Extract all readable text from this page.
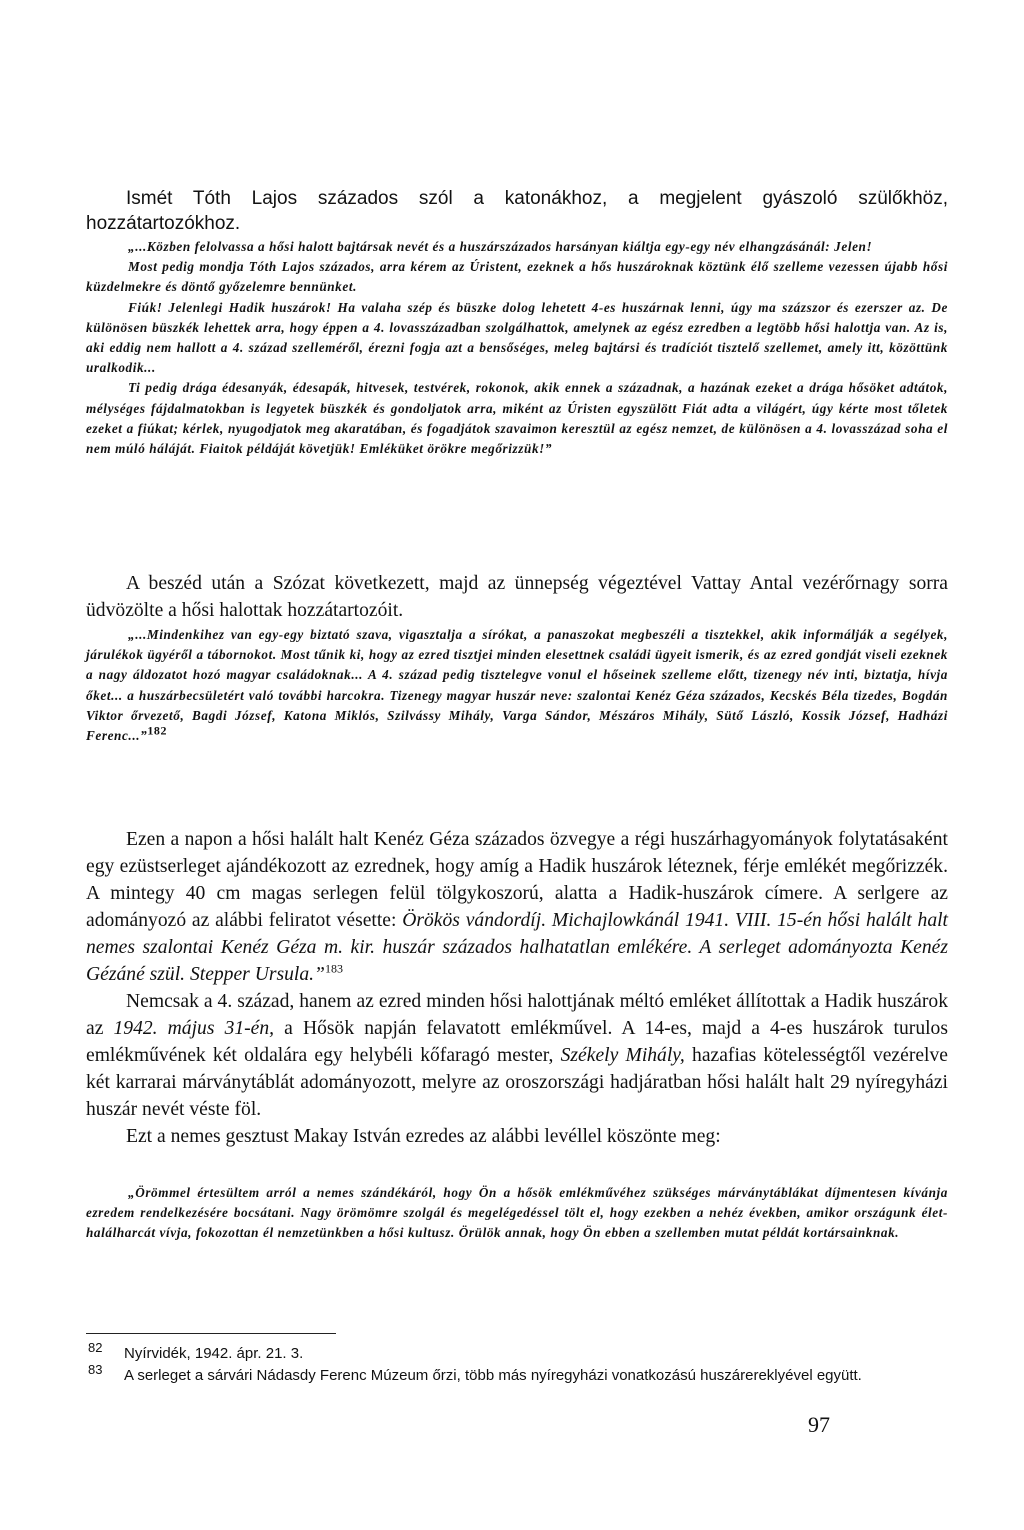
Ismét Tóth Lajos százados szól a katonákhoz, a megjelent gyászoló szülőkhöz, hozzátartozókhoz.

„...Közben felolvassa a hősi halott bajtársak nevét és a huszárszázados harsányan kiáltja egy-egy név elhangzásánál: Jelen!

Most pedig mondja Tóth Lajos százados, arra kérem az Úristent, ezeknek a hős huszároknak köztünk élő szelleme vezessen újabb hősi küzdelmekre és döntő győzelemre bennünket.

Fiúk! Jelenlegi Hadik huszárok! Ha valaha szép és büszke dolog lehetett 4-es huszárnak lenni, úgy ma százszor és ezerszer az. De különösen büszkék lehettek arra, hogy éppen a 4. lovasszázadban szolgálhattok, amelynek az egész ezredben a legtöbb hősi halottja van. Az is, aki eddig nem hallott a 4. század szelleméről, érezni fogja azt a bensőséges, meleg bajtársi és tradíciót tisztelő szellemet, amely itt, közöttünk uralkodik...

Ti pedig drága édesanyák, édesapák, hitvesek, testvérek, rokonok, akik ennek a századnak, a hazának ezeket a drága hősöket adtátok, mélységes fájdalmatokban is legyetek büszkék és gondoljatok arra, miként az Úristen egyszülött Fiát adta a világért, úgy kérte most tőletek ezeket a fiúkat; kérlek, nyugodjatok meg akaratában, és fogadjátok szavaimon keresztül az egész nemzet, de különösen a 4. lovasszázad soha el nem múló háláját. Fiaitok példáját követjük! Emléküket örökre megőrizzük!”

A beszéd után a Szózat következett, majd az ünnepség végeztével Vattay Antal vezérőrnagy sorra üdvözölte a hősi halottak hozzátartozóit.

„...Mindenkihez van egy-egy biztató szava, vigasztalja a sírókat, a panaszokat megbeszéli a tisztekkel, akik informálják a segélyek, járulékok ügyéről a tábornokot. Most tűnik ki, hogy az ezred tisztjei minden elesettnek családi ügyeit ismerik, és az ezred gondját viseli ezeknek a nagy áldozatot hozó magyar családoknak... A 4. század pedig tisztelegve vonul el hőseinek szelleme előtt, tizenegy név inti, biztatja, hívja őket... a huszárbecsületért való további harcokra. Tizenegy magyar huszár neve: szalontai Kenéz Géza százados, Kecskés Béla tizedes, Bogdán Viktor őrvezető, Bagdi József, Katona Miklós, Szilvássy Mihály, Varga Sándor, Mészáros Mihály, Sütő László, Kossik József, Hadházi Ferenc...”182

Ezen a napon a hősi halált halt Kenéz Géza százados özvegye a régi huszárhagyományok folytatásaként egy ezüstserleget ajándékozott az ezrednek, hogy amíg a Hadik huszárok léteznek, férje emlékét megőrizzék. A mintegy 40 cm magas serlegen felül tölgykoszorú, alatta a Hadik-huszárok címere. A serlgere az adományozó az alábbi feliratot vésette: Örökös vándordíj. Michajlowkánál 1941. VIII. 15-én hősi halált halt nemes szalontai Kenéz Géza m. kir. huszár százados halhatatlan emlékére. A serleget adományozta Kenéz Gézáné szül. Stepper Ursula.”$^{183}$

Nemcsak a 4. század, hanem az ezred minden hősi halottjának méltó emléket állítottak a Hadik huszárok az 1942. május 31-én, a Hősök napján felavatott emlékművel. A 14-es, majd a 4-es huszárok turulos emlékművének két oldalára egy helybéli kőfaragó mester, Székely Mihály, hazafias kötelességtől vezérelve két karrarai márványtáblát adományozott, melyre az oroszországi hadjáratban hősi halált halt 29 nyíregyházi huszár nevét véste föl.

Ezt a nemes gesztust Makay István ezredes az alábbi levéllel köszönte meg:

„Örömmel értesültem arról a nemes szándékáról, hogy Ön a hősök emlékművéhez szükséges márványtáblákat díjmentesen kívánja ezredem rendelkezésére bocsátani. Nagy örömömre szolgál és megelégedéssel tölt el, hogy ezekben a nehéz években, amikor országunk élet-halálharcát vívja, fokozottan él nemzetünkben a hősi kultusz. Örülök annak, hogy Ön ebben a szellemben mutat példát kortársainknak.

82 Nyírvidék, 1942. ápr. 21. 3.
83 A serleget a sárvári Nádasdy Ferenc Múzeum őrzi, több más nyíregyházi vonatkozású huszárereklyével együtt.
97
